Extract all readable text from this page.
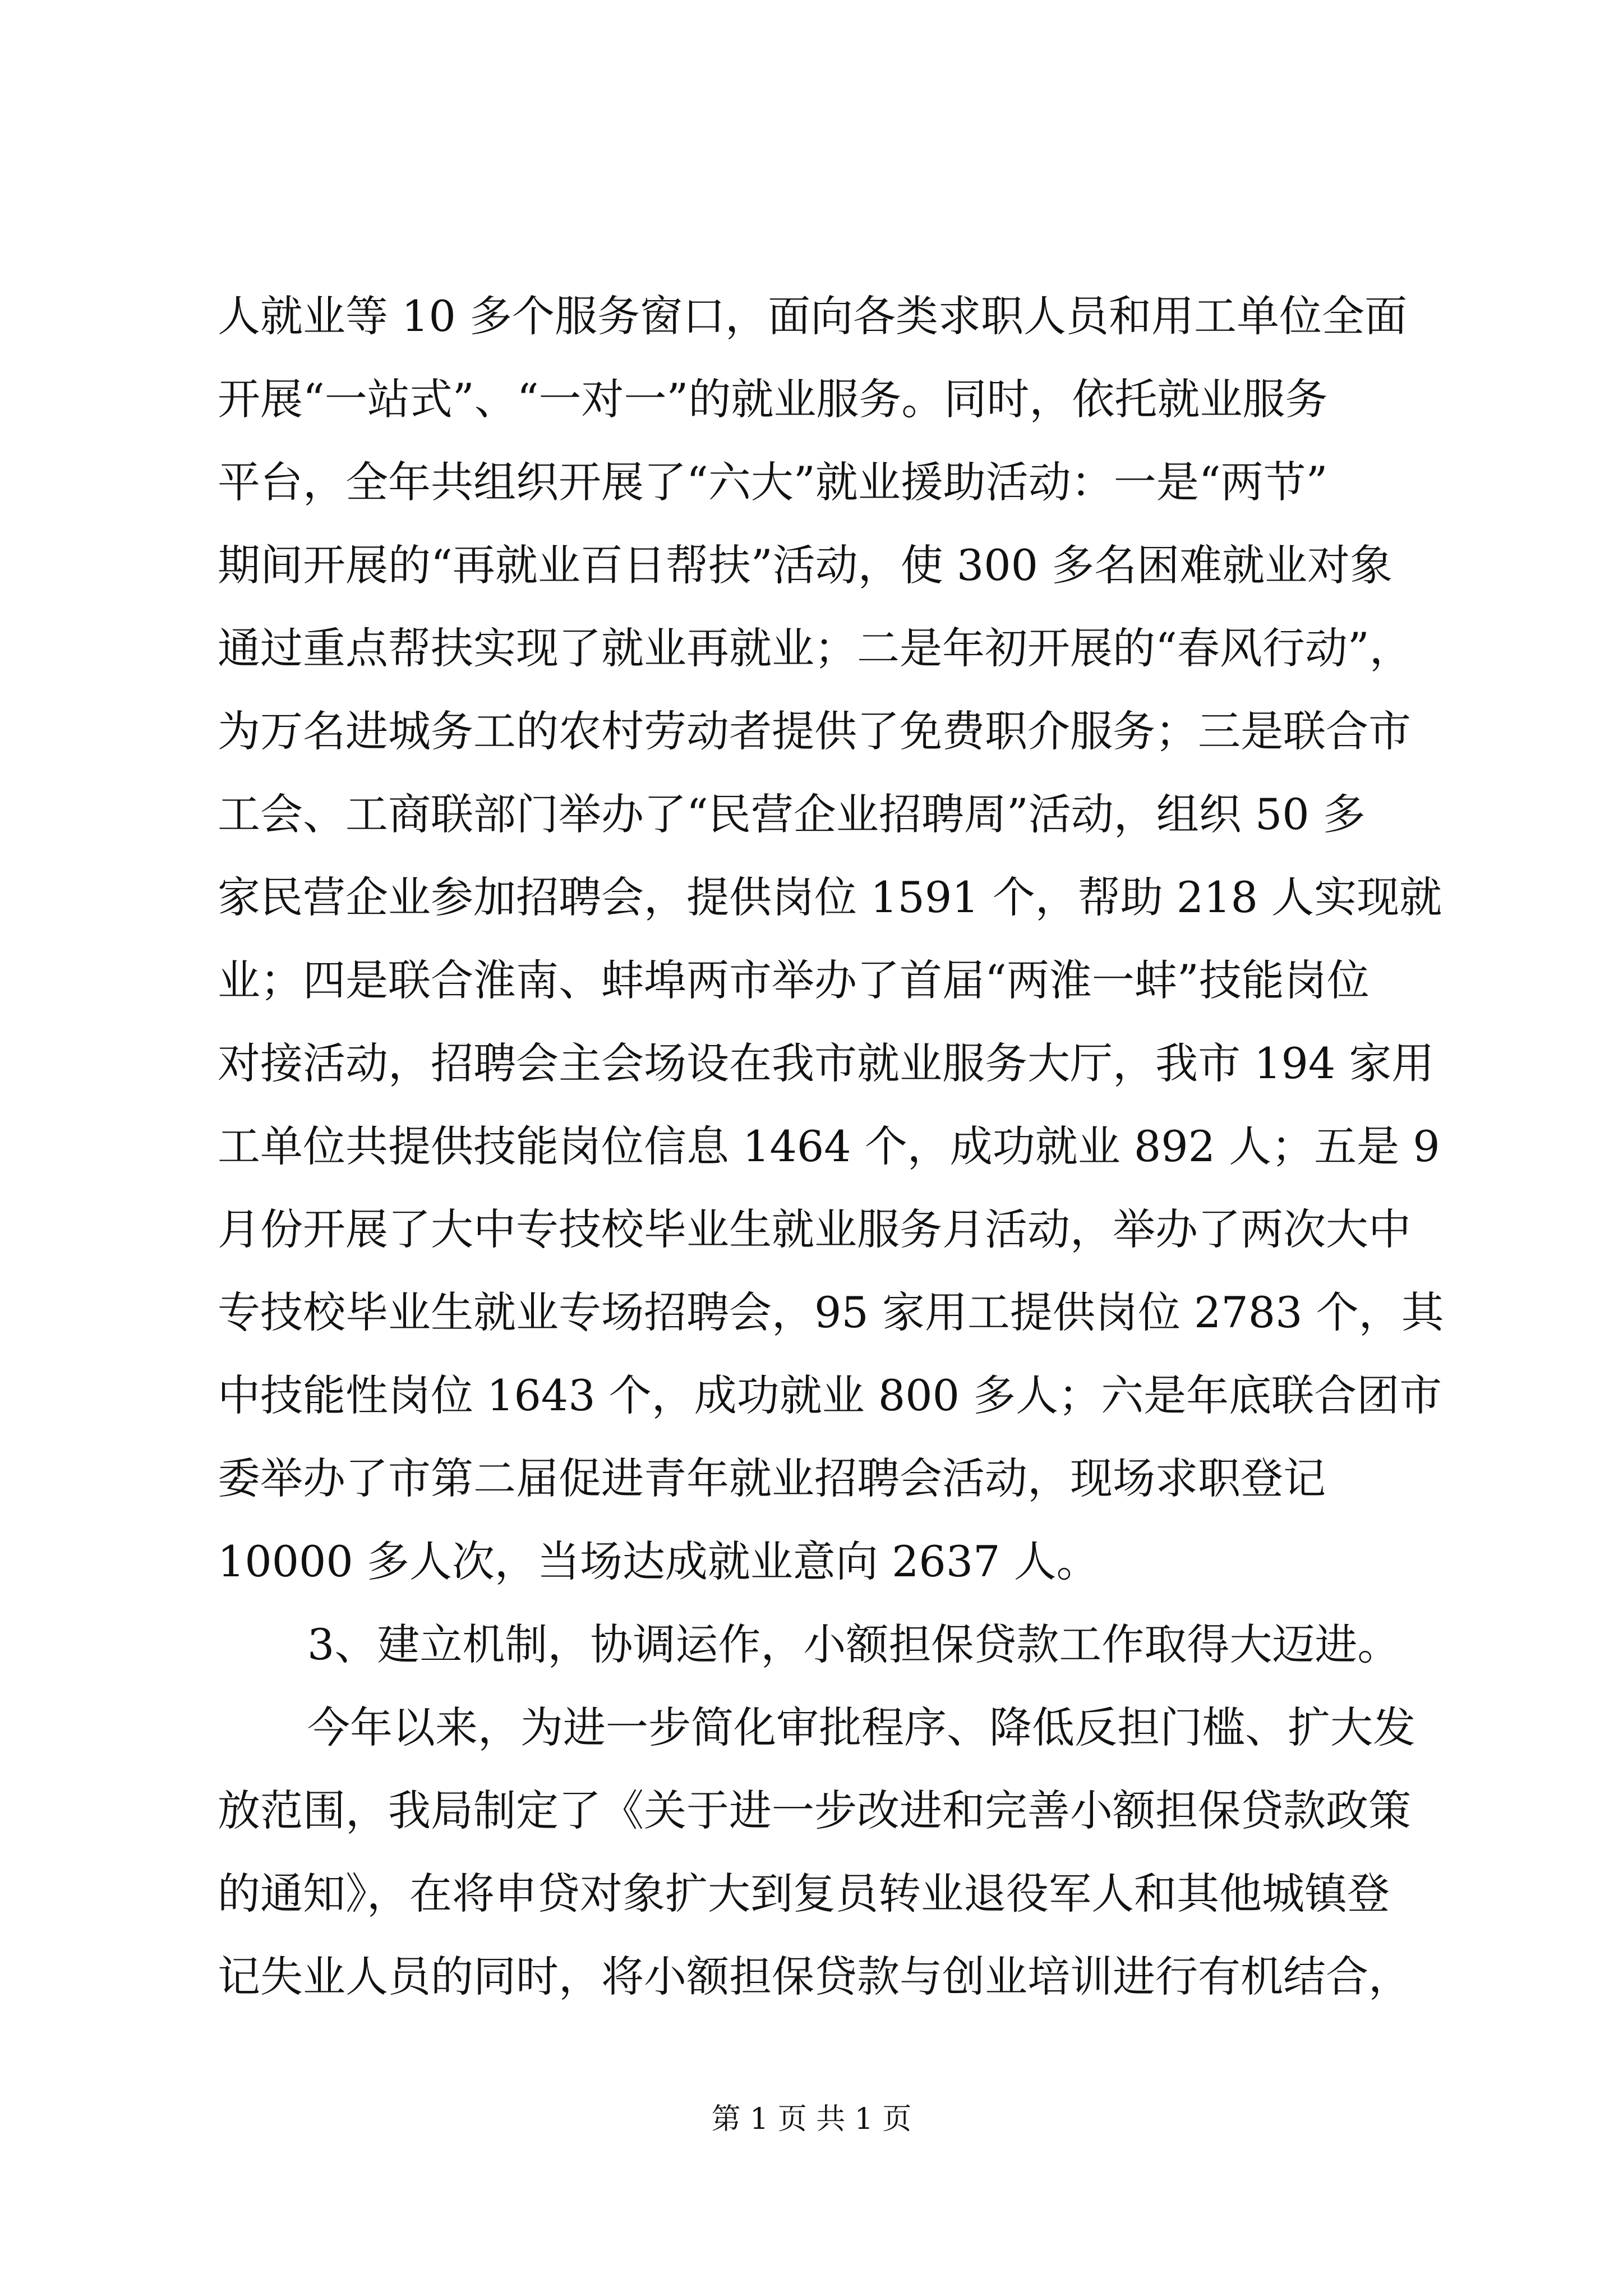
人就业等 10 多个服务窗口，面向各类求职人员和用工单位全面
开展“一站式”、“一对一”的就业服务。同时，依托就业服务
平台，全年共组织开展了“六大”就业援助活动：一是“两节”
期间开展的“再就业百日帮扶”活动，使 300 多名困难就业对象
通过重点帮扶实现了就业再就业；二是年初开展的“春风行动”，
为万名进城务工的农村劳动者提供了免费职介服务；三是联合市
工会、工商联部门举办了“民营企业招聘周”活动，组织 50 多
家民营企业参加招聘会，提供岗位 1591 个，帮助 218 人实现就
业；四是联合淮南、蚌埠两市举办了首届“两淮一蚌”技能岗位
对接活动，招聘会主会场设在我市就业服务大厅，我市 194 家用
工单位共提供技能岗位信息 1464 个，成功就业 892 人；五是 9
月份开展了大中专技校毕业生就业服务月活动，举办了两次大中
专技校毕业生就业专场招聘会，95 家用工提供岗位 2783 个，其
中技能性岗位 1643 个，成功就业 800 多人；六是年底联合团市
委举办了市第二届促进青年就业招聘会活动，现场求职登记
10000 多人次，当场达成就业意向 2637 人。
3、建立机制，协调运作，小额担保贷款工作取得大迈进。
今年以来，为进一步简化审批程序、降低反担门槛、扩大发
放范围，我局制定了《关于进一步改进和完善小额担保贷款政策
的通知》，在将申贷对象扩大到复员转业退役军人和其他城镇登
记失业人员的同时，将小额担保贷款与创业培训进行有机结合，
第 1 页 共 1 页
